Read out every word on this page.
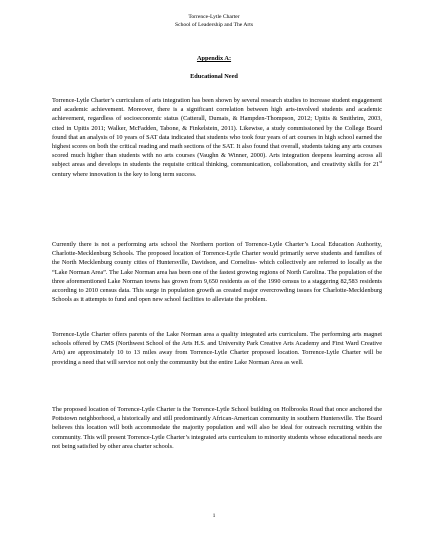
Torrence-Lytle Charter
School of Leadership and The Arts
Appendix A:
Educational Need

Torrence-Lytle Charter’s curriculum of arts integration has been shown by several research studies to increase student engagement and academic achievement. Moreover, there is a significant correlation between high arts-involved students and academic achievement, regardless of socioeconomic status (Catterall, Dumais, & Hampden-Thompson, 2012; Upitis & Smithrim, 2003, cited in Upitis 2011; Walker, McFadden, Tabone, & Finkelstein, 2011). Likewise, a study commissioned by the College Board found that an analysis of 10 years of SAT data indicated that students who took four years of art courses in high school earned the highest scores on both the critical reading and math sections of the SAT. It also found that overall, students taking any arts courses scored much higher than students with no arts courses (Vaughn & Winner, 2000). Arts integration deepens learning across all subject areas and develops in students the requisite critical thinking, communication, collaboration, and creativity skills for 21st century where innovation is the key to long term success.

Currently there is not a performing arts school the Northern portion of Torrence-Lytle Charter’s Local Education Authority, Charlotte-Mecklenburg Schools. The proposed location of Torrence-Lytle Charter would primarily serve students and families of the North Mecklenburg county cities of Huntersville, Davidson, and Cornelius- which collectively are referred to locally as the “Lake Norman Area”. The Lake Norman area has been one of the fastest growing regions of North Carolina. The population of the three aforementioned Lake Norman towns has grown from 9,650 residents as of the 1990 census to a staggering 82,583 residents according to 2010 census data. This surge in population growth as created major overcrowding issues for Charlotte-Mecklenburg Schools as it attempts to fund and open new school facilities to alleviate the problem.

Torrence-Lytle Charter offers parents of the Lake Norman area a quality integrated arts curriculum. The performing arts magnet schools offered by CMS (Northwest School of the Arts H.S. and University Park Creative Arts Academy and First Ward Creative Arts) are approximately 10 to 13 miles away from Torrence-Lytle Charter proposed location. Torrence-Lytle Charter will be providing a need that will service not only the community but the entire Lake Norman Area as well.

The proposed location of Torrence-Lytle Charter is the Torrence-Lytle School building on Holbrooks Road that once anchored the Pottstown neighborhood, a historically and still predominantly African-American community in southern Huntersville. The Board believes this location will both accommodate the majority population and will also be ideal for outreach recruiting within the community. This will present Torrence-Lytle Charter’s integrated arts curriculum to minority students whose educational needs are not being satisfied by other area charter schools.

1
